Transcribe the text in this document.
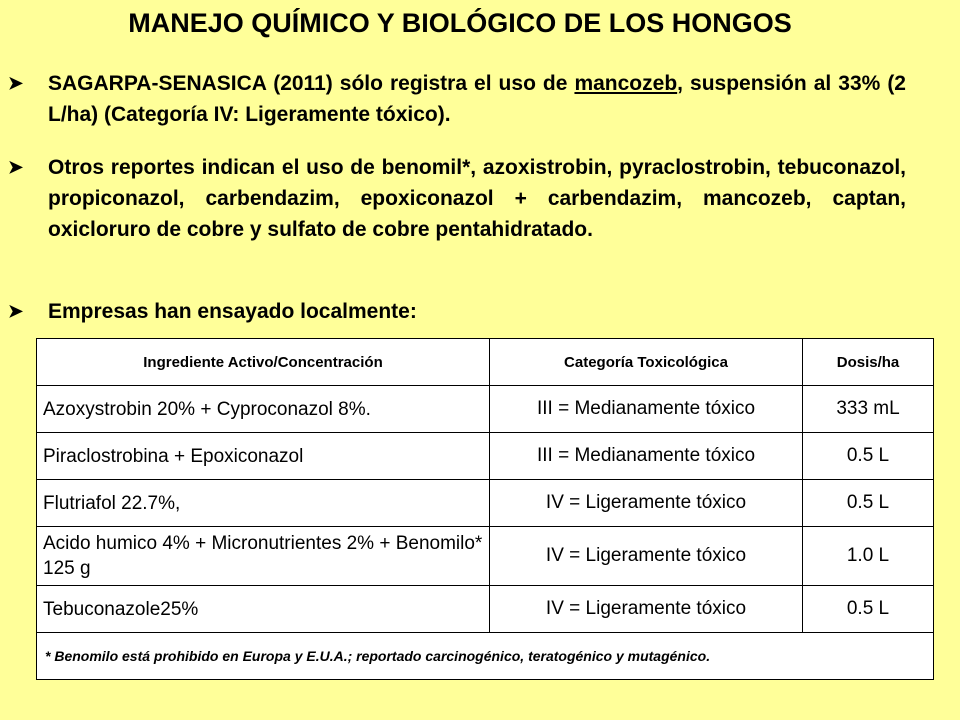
MANEJO QUÍMICO Y BIOLÓGICO DE LOS HONGOS
➤	SAGARPA-SENASICA (2011) sólo registra el uso de mancozeb, suspensión al 33% (2 L/ha) (Categoría IV: Ligeramente tóxico).
➤	Otros reportes indican el uso de benomil*, azoxistrobin, pyraclostrobin, tebuconazol, propiconazol, carbendazim, epoxiconazol + carbendazim, mancozeb, captan, oxicloruro de cobre y sulfato de cobre pentahidratado.
➤	Empresas han ensayado localmente:
Ingrediente Activo/Concentración	Categoría Toxicológica	Dosis/ha
Azoxystrobin 20% + Cyproconazol 8%.	III = Medianamente tóxico	333 mL
Piraclostrobina + Epoxiconazol	III = Medianamente tóxico	0.5 L
Flutriafol 22.7%,	IV = Ligeramente tóxico	0.5 L
Acido humico 4% + Micronutrientes 2% + Benomilo* 125 g	IV = Ligeramente tóxico	1.0 L
Tebuconazole25%	IV = Ligeramente tóxico	0.5 L
* Benomilo está prohibido en Europa y E.U.A.; reportado carcinogénico, teratogénico y mutagénico.		
